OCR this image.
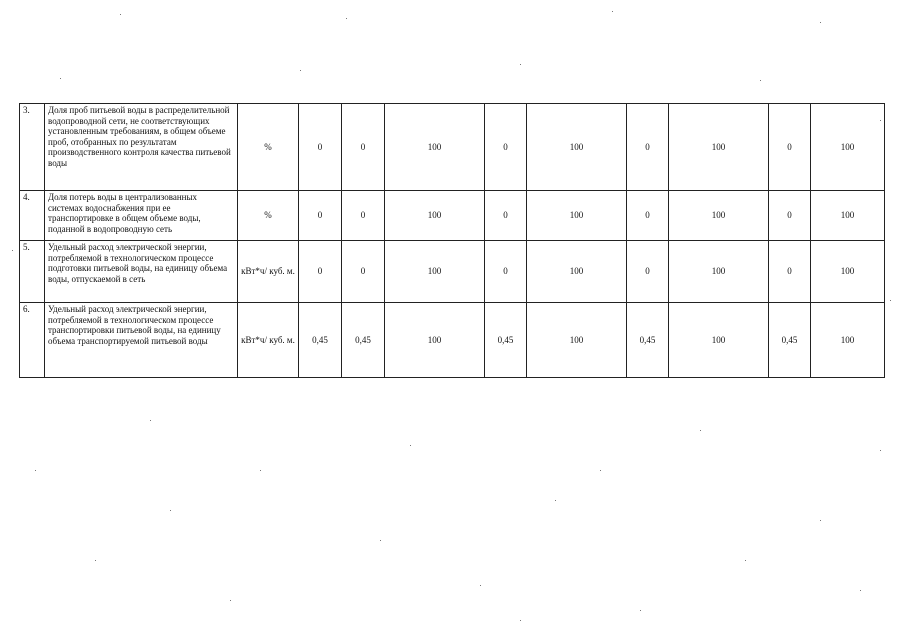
3.	Доля проб питьевой воды в распределительной водопроводной сети, не соответствующих установленным требованиям, в общем объеме проб, отобранных по результатам производственного контроля качества питьевой воды	%	0	0	100	0	100	0	100	0	100
4.	Доля потерь воды в централизованных системах водоснабжения при ее транспортировке в общем объеме воды, поданной в водопроводную сеть	%	0	0	100	0	100	0	100	0	100
5.	Удельный расход электрической энергии, потребляемой в технологическом процессе подготовки питьевой воды, на единицу объема воды, отпускаемой в сеть	кВт*ч/ куб. м.	0	0	100	0	100	0	100	0	100
6.	Удельный расход электрической энергии, потребляемой в технологическом процессе транспортировки питьевой воды, на единицу объема транспортируемой питьевой воды	кВт*ч/ куб. м.	0,45	0,45	100	0,45	100	0,45	100	0,45	100
